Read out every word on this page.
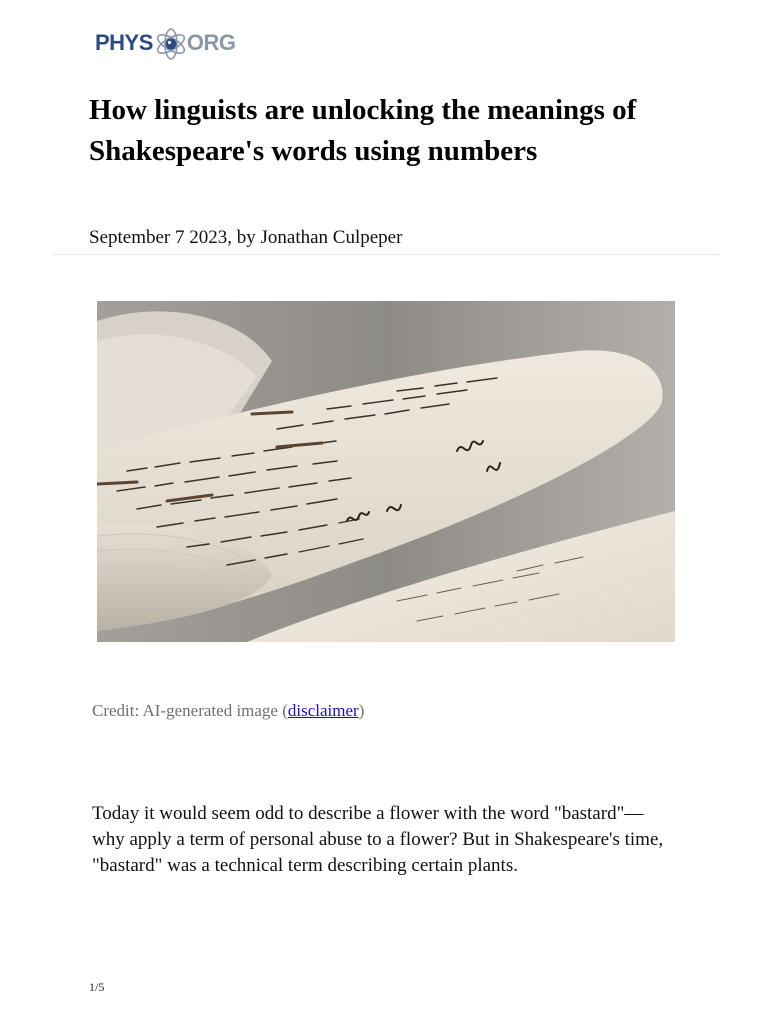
PHYS ORG
How linguists are unlocking the meanings of Shakespeare's words using numbers
September 7 2023, by Jonathan Culpeper
Credit: AI-generated image (disclaimer)

Today it would seem odd to describe a flower with the word "bastard"—why apply a term of personal abuse to a flower? But in Shakespeare's time, "bastard" was a technical term describing certain plants.

1/5
